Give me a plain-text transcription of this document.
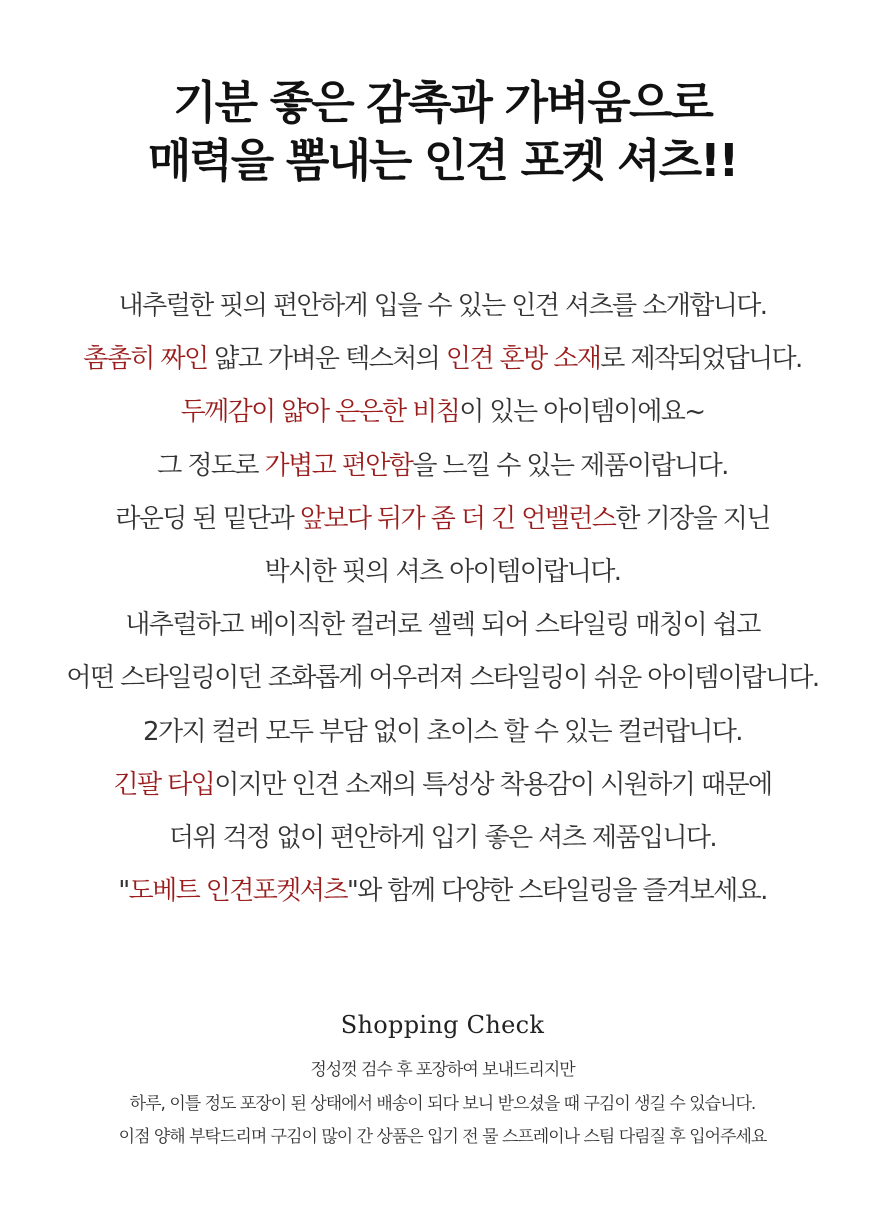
기분 좋은 감촉과 가벼움으로
매력을 뽐내는 인견 포켓 셔츠!!
내추럴한 핏의 편안하게 입을 수 있는 인견 셔츠를 소개합니다.
촘촘히 짜인 얇고 가벼운 텍스처의 인견 혼방 소재로 제작되었답니다.
두께감이 얇아 은은한 비침이 있는 아이템이에요~
그 정도로 가볍고 편안함을 느낄 수 있는 제품이랍니다.
라운딩 된 밑단과 앞보다 뒤가 좀 더 긴 언밸런스한 기장을 지닌
박시한 핏의 셔츠 아이템이랍니다.
내추럴하고 베이직한 컬러로 셀렉 되어 스타일링 매칭이 쉽고
어떤 스타일링이던 조화롭게 어우러져 스타일링이 쉬운 아이템이랍니다.
2가지 컬러 모두 부담 없이 초이스 할 수 있는 컬러랍니다.
긴팔 타입이지만 인견 소재의 특성상 착용감이 시원하기 때문에
더위 걱정 없이 편안하게 입기 좋은 셔츠 제품입니다.
"도베트 인견포켓셔츠"와 함께 다양한 스타일링을 즐겨보세요.
Shopping Check
정성껏 검수 후 포장하여 보내드리지만
하루, 이틀 정도 포장이 된 상태에서 배송이 되다 보니 받으셨을 때 구김이 생길 수 있습니다.
이점 양해 부탁드리며 구김이 많이 간 상품은 입기 전 물 스프레이나 스팀 다림질 후 입어주세요
